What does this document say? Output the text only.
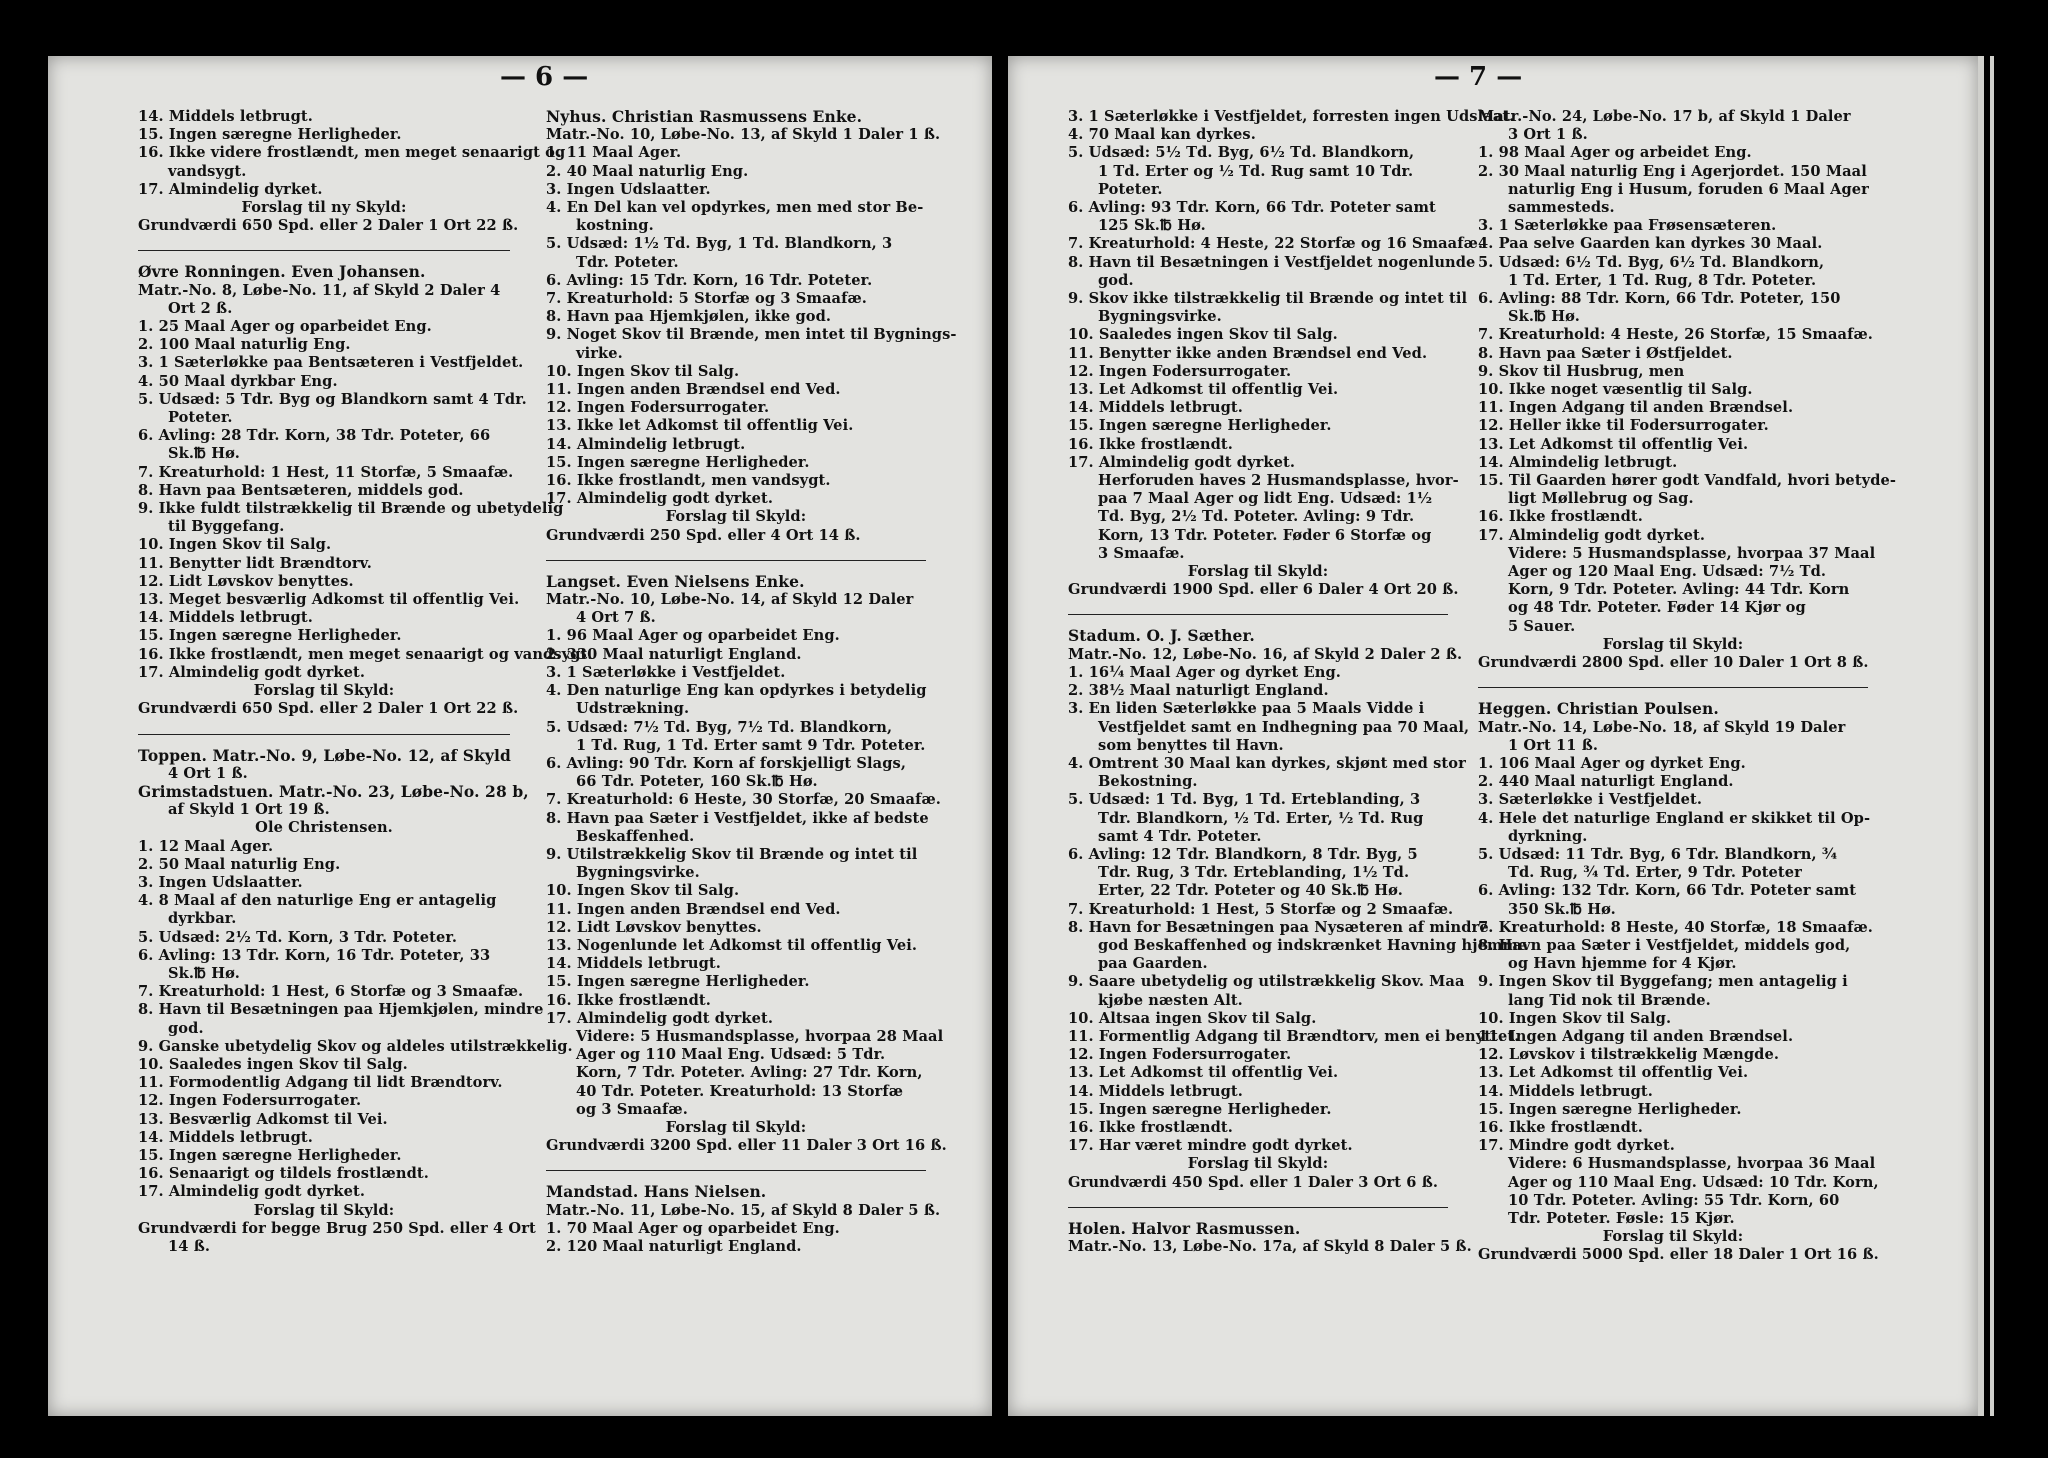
— 6 —	— 7 —
14. Middels letbrugt.
15. Ingen særegne Herligheder.
16. Ikke videre frostlændt, men meget senaarigt og
vandsygt.
17. Almindelig dyrket.
Forslag til ny Skyld:
Grundværdi 650 Spd. eller 2 Daler 1 Ort 22 ß.
Øvre Ronningen. Even Johansen.
Matr.-No. 8, Løbe-No. 11, af Skyld 2 Daler 4
Ort 2 ß.
1. 25 Maal Ager og oparbeidet Eng.
2. 100 Maal naturlig Eng.
3. 1 Sæterløkke paa Bentsæteren i Vestfjeldet.
4. 50 Maal dyrkbar Eng.
5. Udsæd: 5 Tdr. Byg og Blandkorn samt 4 Tdr.
Poteter.
6. Avling: 28 Tdr. Korn, 38 Tdr. Poteter, 66
Sk.℔ Hø.
7. Kreaturhold: 1 Hest, 11 Storfæ, 5 Smaafæ.
8. Havn paa Bentsæteren, middels god.
9. Ikke fuldt tilstrækkelig til Brænde og ubetydelig
til Byggefang.
10. Ingen Skov til Salg.
11. Benytter lidt Brændtorv.
12. Lidt Løvskov benyttes.
13. Meget besværlig Adkomst til offentlig Vei.
14. Middels letbrugt.
15. Ingen særegne Herligheder.
16. Ikke frostlændt, men meget senaarigt og vandsygt.
17. Almindelig godt dyrket.
Forslag til Skyld:
Grundværdi 650 Spd. eller 2 Daler 1 Ort 22 ß.
Toppen. Matr.-No. 9, Løbe-No. 12, af Skyld
4 Ort 1 ß.
Grimstadstuen. Matr.-No. 23, Løbe-No. 28 b,
af Skyld 1 Ort 19 ß.
Ole Christensen.
1. 12 Maal Ager.
2. 50 Maal naturlig Eng.
3. Ingen Udslaatter.
4. 8 Maal af den naturlige Eng er antagelig
dyrkbar.
5. Udsæd: 2½ Td. Korn, 3 Tdr. Poteter.
6. Avling: 13 Tdr. Korn, 16 Tdr. Poteter, 33
Sk.℔ Hø.
7. Kreaturhold: 1 Hest, 6 Storfæ og 3 Smaafæ.
8. Havn til Besætningen paa Hjemkjølen, mindre
god.
9. Ganske ubetydelig Skov og aldeles utilstrækkelig.
10. Saaledes ingen Skov til Salg.
11. Formodentlig Adgang til lidt Brændtorv.
12. Ingen Fodersurrogater.
13. Besværlig Adkomst til Vei.
14. Middels letbrugt.
15. Ingen særegne Herligheder.
16. Senaarigt og tildels frostlændt.
17. Almindelig godt dyrket.
Forslag til Skyld:
Grundværdi for begge Brug 250 Spd. eller 4 Ort
14 ß.
Nyhus. Christian Rasmussens Enke.
Matr.-No. 10, Løbe-No. 13, af Skyld 1 Daler 1 ß.
1. 11 Maal Ager.
2. 40 Maal naturlig Eng.
3. Ingen Udslaatter.
4. En Del kan vel opdyrkes, men med stor Be-
kostning.
5. Udsæd: 1½ Td. Byg, 1 Td. Blandkorn, 3
Tdr. Poteter.
6. Avling: 15 Tdr. Korn, 16 Tdr. Poteter.
7. Kreaturhold: 5 Storfæ og 3 Smaafæ.
8. Havn paa Hjemkjølen, ikke god.
9. Noget Skov til Brænde, men intet til Bygnings-
virke.
10. Ingen Skov til Salg.
11. Ingen anden Brændsel end Ved.
12. Ingen Fodersurrogater.
13. Ikke let Adkomst til offentlig Vei.
14. Almindelig letbrugt.
15. Ingen særegne Herligheder.
16. Ikke frostlandt, men vandsygt.
17. Almindelig godt dyrket.
Forslag til Skyld:
Grundværdi 250 Spd. eller 4 Ort 14 ß.
Langset. Even Nielsens Enke.
Matr.-No. 10, Løbe-No. 14, af Skyld 12 Daler
4 Ort 7 ß.
1. 96 Maal Ager og oparbeidet Eng.
2. 330 Maal naturligt England.
3. 1 Sæterløkke i Vestfjeldet.
4. Den naturlige Eng kan opdyrkes i betydelig
Udstrækning.
5. Udsæd: 7½ Td. Byg, 7½ Td. Blandkorn,
1 Td. Rug, 1 Td. Erter samt 9 Tdr. Poteter.
6. Avling: 90 Tdr. Korn af forskjelligt Slags,
66 Tdr. Poteter, 160 Sk.℔ Hø.
7. Kreaturhold: 6 Heste, 30 Storfæ, 20 Smaafæ.
8. Havn paa Sæter i Vestfjeldet, ikke af bedste
Beskaffenhed.
9. Utilstrækkelig Skov til Brænde og intet til
Bygningsvirke.
10. Ingen Skov til Salg.
11. Ingen anden Brændsel end Ved.
12. Lidt Løvskov benyttes.
13. Nogenlunde let Adkomst til offentlig Vei.
14. Middels letbrugt.
15. Ingen særegne Herligheder.
16. Ikke frostlændt.
17. Almindelig godt dyrket.
Videre: 5 Husmandsplasse, hvorpaa 28 Maal
Ager og 110 Maal Eng. Udsæd: 5 Tdr.
Korn, 7 Tdr. Poteter. Avling: 27 Tdr. Korn,
40 Tdr. Poteter. Kreaturhold: 13 Storfæ
og 3 Smaafæ.
Forslag til Skyld:
Grundværdi 3200 Spd. eller 11 Daler 3 Ort 16 ß.
Mandstad. Hans Nielsen.
Matr.-No. 11, Løbe-No. 15, af Skyld 8 Daler 5 ß.
1. 70 Maal Ager og oparbeidet Eng.
2. 120 Maal naturligt England.
3. 1 Sæterløkke i Vestfjeldet, forresten ingen Udslaat.
4. 70 Maal kan dyrkes.
5. Udsæd: 5½ Td. Byg, 6½ Td. Blandkorn,
1 Td. Erter og ½ Td. Rug samt 10 Tdr.
Poteter.
6. Avling: 93 Tdr. Korn, 66 Tdr. Poteter samt
125 Sk.℔ Hø.
7. Kreaturhold: 4 Heste, 22 Storfæ og 16 Smaafæ.
8. Havn til Besætningen i Vestfjeldet nogenlunde
god.
9. Skov ikke tilstrækkelig til Brænde og intet til
Bygningsvirke.
10. Saaledes ingen Skov til Salg.
11. Benytter ikke anden Brændsel end Ved.
12. Ingen Fodersurrogater.
13. Let Adkomst til offentlig Vei.
14. Middels letbrugt.
15. Ingen særegne Herligheder.
16. Ikke frostlændt.
17. Almindelig godt dyrket.
Herforuden haves 2 Husmandsplasse, hvor-
paa 7 Maal Ager og lidt Eng. Udsæd: 1½
Td. Byg, 2½ Td. Poteter. Avling: 9 Tdr.
Korn, 13 Tdr. Poteter. Føder 6 Storfæ og
3 Smaafæ.
Forslag til Skyld:
Grundværdi 1900 Spd. eller 6 Daler 4 Ort 20 ß.
Stadum. O. J. Sæther.
Matr.-No. 12, Løbe-No. 16, af Skyld 2 Daler 2 ß.
1. 16¼ Maal Ager og dyrket Eng.
2. 38½ Maal naturligt England.
3. En liden Sæterløkke paa 5 Maals Vidde i
Vestfjeldet samt en Indhegning paa 70 Maal,
som benyttes til Havn.
4. Omtrent 30 Maal kan dyrkes, skjønt med stor
Bekostning.
5. Udsæd: 1 Td. Byg, 1 Td. Erteblanding, 3
Tdr. Blandkorn, ½ Td. Erter, ½ Td. Rug
samt 4 Tdr. Poteter.
6. Avling: 12 Tdr. Blandkorn, 8 Tdr. Byg, 5
Tdr. Rug, 3 Tdr. Erteblanding, 1½ Td.
Erter, 22 Tdr. Poteter og 40 Sk.℔ Hø.
7. Kreaturhold: 1 Hest, 5 Storfæ og 2 Smaafæ.
8. Havn for Besætningen paa Nysæteren af mindre
god Beskaffenhed og indskrænket Havning hjemme
paa Gaarden.
9. Saare ubetydelig og utilstrækkelig Skov. Maa
kjøbe næsten Alt.
10. Altsaa ingen Skov til Salg.
11. Formentlig Adgang til Brændtorv, men ei benyttet.
12. Ingen Fodersurrogater.
13. Let Adkomst til offentlig Vei.
14. Middels letbrugt.
15. Ingen særegne Herligheder.
16. Ikke frostlændt.
17. Har været mindre godt dyrket.
Forslag til Skyld:
Grundværdi 450 Spd. eller 1 Daler 3 Ort 6 ß.
Holen. Halvor Rasmussen.
Matr.-No. 13, Løbe-No. 17a, af Skyld 8 Daler 5 ß.
Matr.-No. 24, Løbe-No. 17 b, af Skyld 1 Daler
3 Ort 1 ß.
1. 98 Maal Ager og arbeidet Eng.
2. 30 Maal naturlig Eng i Agerjordet. 150 Maal
naturlig Eng i Husum, foruden 6 Maal Ager
sammesteds.
3. 1 Sæterløkke paa Frøsensæteren.
4. Paa selve Gaarden kan dyrkes 30 Maal.
5. Udsæd: 6½ Td. Byg, 6½ Td. Blandkorn,
1 Td. Erter, 1 Td. Rug, 8 Tdr. Poteter.
6. Avling: 88 Tdr. Korn, 66 Tdr. Poteter, 150
Sk.℔ Hø.
7. Kreaturhold: 4 Heste, 26 Storfæ, 15 Smaafæ.
8. Havn paa Sæter i Østfjeldet.
9. Skov til Husbrug, men
10. Ikke noget væsentlig til Salg.
11. Ingen Adgang til anden Brændsel.
12. Heller ikke til Fodersurrogater.
13. Let Adkomst til offentlig Vei.
14. Almindelig letbrugt.
15. Til Gaarden hører godt Vandfald, hvori betyde-
ligt Møllebrug og Sag.
16. Ikke frostlændt.
17. Almindelig godt dyrket.
Videre: 5 Husmandsplasse, hvorpaa 37 Maal
Ager og 120 Maal Eng. Udsæd: 7½ Td.
Korn, 9 Tdr. Poteter. Avling: 44 Tdr. Korn
og 48 Tdr. Poteter. Føder 14 Kjør og
5 Sauer.
Forslag til Skyld:
Grundværdi 2800 Spd. eller 10 Daler 1 Ort 8 ß.
Heggen. Christian Poulsen.
Matr.-No. 14, Løbe-No. 18, af Skyld 19 Daler
1 Ort 11 ß.
1. 106 Maal Ager og dyrket Eng.
2. 440 Maal naturligt England.
3. Sæterløkke i Vestfjeldet.
4. Hele det naturlige England er skikket til Op-
dyrkning.
5. Udsæd: 11 Tdr. Byg, 6 Tdr. Blandkorn, ¾
Td. Rug, ¾ Td. Erter, 9 Tdr. Poteter
6. Avling: 132 Tdr. Korn, 66 Tdr. Poteter samt
350 Sk.℔ Hø.
7. Kreaturhold: 8 Heste, 40 Storfæ, 18 Smaafæ.
8. Havn paa Sæter i Vestfjeldet, middels god,
og Havn hjemme for 4 Kjør.
9. Ingen Skov til Byggefang; men antagelig i
lang Tid nok til Brænde.
10. Ingen Skov til Salg.
11. Ingen Adgang til anden Brændsel.
12. Løvskov i tilstrækkelig Mængde.
13. Let Adkomst til offentlig Vei.
14. Middels letbrugt.
15. Ingen særegne Herligheder.
16. Ikke frostlændt.
17. Mindre godt dyrket.
Videre: 6 Husmandsplasse, hvorpaa 36 Maal
Ager og 110 Maal Eng. Udsæd: 10 Tdr. Korn,
10 Tdr. Poteter. Avling: 55 Tdr. Korn, 60
Tdr. Poteter. Føsle: 15 Kjør.
Forslag til Skyld:
Grundværdi 5000 Spd. eller 18 Daler 1 Ort 16 ß.
